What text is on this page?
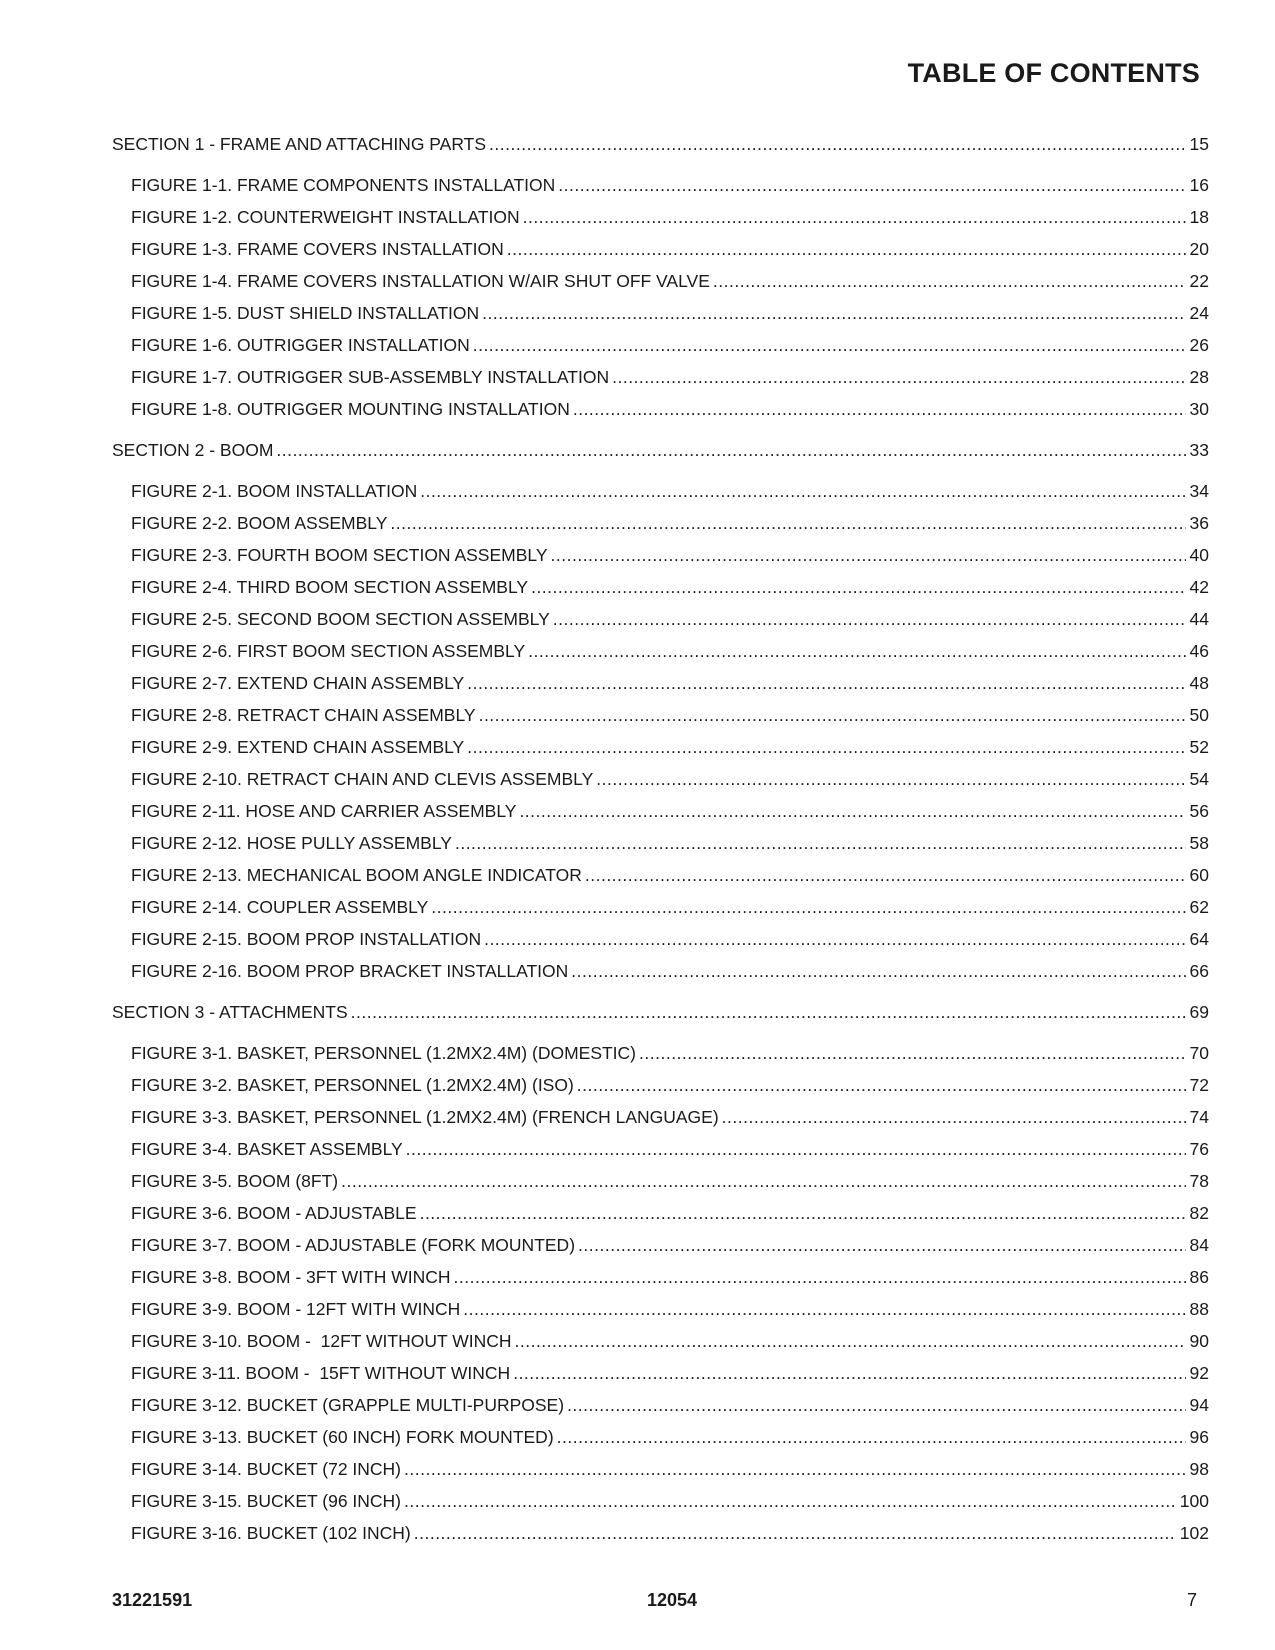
TABLE OF CONTENTS
SECTION 1 - FRAME AND ATTACHING PARTS .....	15
FIGURE 1-1. FRAME COMPONENTS INSTALLATION .....	16
FIGURE 1-2. COUNTERWEIGHT INSTALLATION .....	18
FIGURE 1-3. FRAME COVERS INSTALLATION .....	20
FIGURE 1-4. FRAME COVERS INSTALLATION W/AIR SHUT OFF VALVE .....	22
FIGURE 1-5. DUST SHIELD INSTALLATION .....	24
FIGURE 1-6. OUTRIGGER INSTALLATION .....	26
FIGURE 1-7. OUTRIGGER SUB-ASSEMBLY INSTALLATION .....	28
FIGURE 1-8. OUTRIGGER MOUNTING INSTALLATION .....	30
SECTION 2 - BOOM .....	33
FIGURE 2-1. BOOM INSTALLATION .....	34
FIGURE 2-2. BOOM ASSEMBLY .....	36
FIGURE 2-3. FOURTH BOOM SECTION ASSEMBLY .....	40
FIGURE 2-4. THIRD BOOM SECTION ASSEMBLY .....	42
FIGURE 2-5. SECOND BOOM SECTION ASSEMBLY .....	44
FIGURE 2-6. FIRST BOOM SECTION ASSEMBLY .....	46
FIGURE 2-7. EXTEND CHAIN ASSEMBLY .....	48
FIGURE 2-8. RETRACT CHAIN ASSEMBLY .....	50
FIGURE 2-9. EXTEND CHAIN ASSEMBLY .....	52
FIGURE 2-10. RETRACT CHAIN AND CLEVIS ASSEMBLY .....	54
FIGURE 2-11. HOSE AND CARRIER ASSEMBLY .....	56
FIGURE 2-12. HOSE PULLY ASSEMBLY .....	58
FIGURE 2-13. MECHANICAL BOOM ANGLE INDICATOR .....	60
FIGURE 2-14. COUPLER ASSEMBLY .....	62
FIGURE 2-15. BOOM PROP INSTALLATION .....	64
FIGURE 2-16. BOOM PROP BRACKET INSTALLATION .....	66
SECTION 3 - ATTACHMENTS .....	69
FIGURE 3-1. BASKET, PERSONNEL (1.2MX2.4M) (DOMESTIC) .....	70
FIGURE 3-2. BASKET, PERSONNEL (1.2MX2.4M) (ISO) .....	72
FIGURE 3-3. BASKET, PERSONNEL (1.2MX2.4M) (FRENCH LANGUAGE) .....	74
FIGURE 3-4. BASKET ASSEMBLY .....	76
FIGURE 3-5. BOOM (8FT) .....	78
FIGURE 3-6. BOOM - ADJUSTABLE .....	82
FIGURE 3-7. BOOM - ADJUSTABLE (FORK MOUNTED) .....	84
FIGURE 3-8. BOOM - 3FT WITH WINCH .....	86
FIGURE 3-9. BOOM - 12FT WITH WINCH .....	88
FIGURE 3-10. BOOM -  12FT WITHOUT WINCH .....	90
FIGURE 3-11. BOOM -  15FT WITHOUT WINCH .....	92
FIGURE 3-12. BUCKET (GRAPPLE MULTI-PURPOSE) .....	94
FIGURE 3-13. BUCKET (60 INCH) FORK MOUNTED) .....	96
FIGURE 3-14. BUCKET (72 INCH) .....	98
FIGURE 3-15. BUCKET (96 INCH) .....	100
FIGURE 3-16. BUCKET (102 INCH) .....	102
31221591	12054	7
